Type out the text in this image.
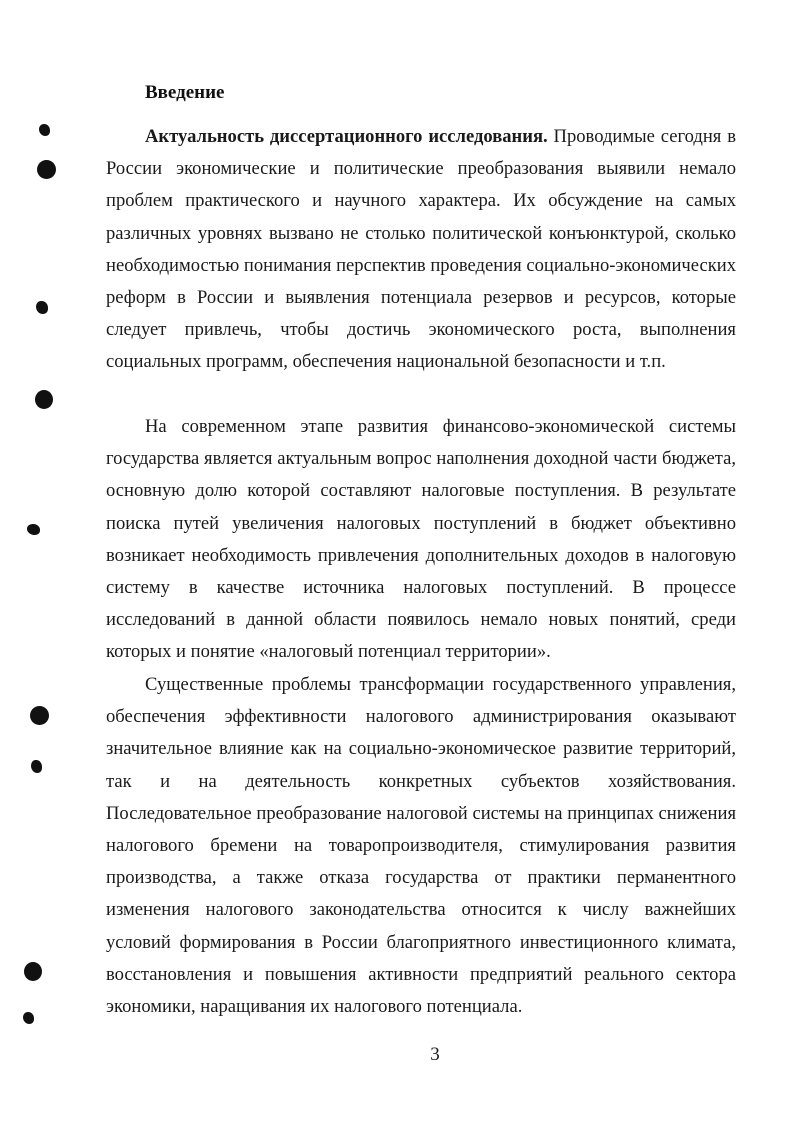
Введение

Актуальность диссертационного исследования. Проводимые сегодня в России экономические и политические преобразования выявили немало проблем практического и научного характера. Их обсуждение на самых различных уровнях вызвано не столько политической конъюнктурой, сколько необходимостью понимания перспектив проведения социально-экономических реформ в России и выявления потенциала резервов и ресурсов, которые следует привлечь, чтобы достичь экономического роста, выполнения социальных программ, обеспечения национальной безопасности и т.п.

На современном этапе развития финансово-экономической системы государства является актуальным вопрос наполнения доходной части бюджета, основную долю которой составляют налоговые поступления. В результате поиска путей увеличения налоговых поступлений в бюджет объективно возникает необходимость привлечения дополнительных доходов в налоговую систему в качестве источника налоговых поступлений. В процессе исследований в данной области появилось немало новых понятий, среди которых и понятие «налоговый потенциал территории».

Существенные проблемы трансформации государственного управления, обеспечения эффективности налогового администрирования оказывают значительное влияние как на социально-экономическое развитие территорий, так и на деятельность конкретных субъектов хозяйствования. Последовательное преобразование налоговой системы на принципах снижения налогового бремени на товаропроизводителя, стимулирования развития производства, а также отказа государства от практики перманентного изменения налогового законодательства относится к числу важнейших условий формирования в России благоприятного инвестиционного климата, восстановления и повышения активности предприятий реального сектора экономики, наращивания их налогового потенциала.

3
